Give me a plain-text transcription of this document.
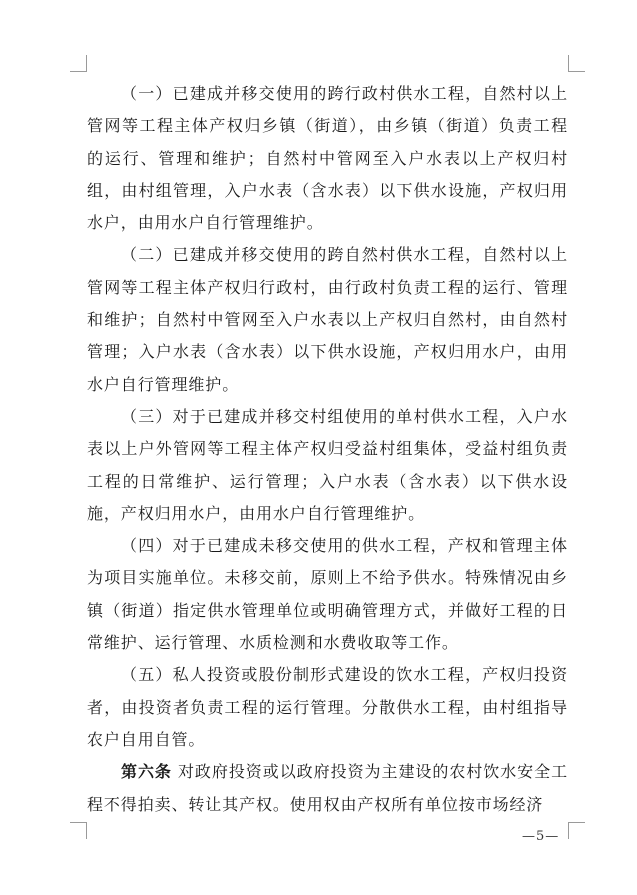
（一）已建成并移交使用的跨行政村供水工程，自然村以上管网等工程主体产权归乡镇（街道），由乡镇（街道）负责工程的运行、管理和维护；自然村中管网至入户水表以上产权归村组，由村组管理，入户水表（含水表）以下供水设施，产权归用水户，由用水户自行管理维护。

（二）已建成并移交使用的跨自然村供水工程，自然村以上管网等工程主体产权归行政村，由行政村负责工程的运行、管理和维护；自然村中管网至入户水表以上产权归自然村，由自然村管理；入户水表（含水表）以下供水设施，产权归用水户，由用水户自行管理维护。

（三）对于已建成并移交村组使用的单村供水工程，入户水表以上户外管网等工程主体产权归受益村组集体，受益村组负责工程的日常维护、运行管理；入户水表（含水表）以下供水设施，产权归用水户，由用水户自行管理维护。

（四）对于已建成未移交使用的供水工程，产权和管理主体为项目实施单位。未移交前，原则上不给予供水。特殊情况由乡镇（街道）指定供水管理单位或明确管理方式，并做好工程的日常维护、运行管理、水质检测和水费收取等工作。

（五）私人投资或股份制形式建设的饮水工程，产权归投资者，由投资者负责工程的运行管理。分散供水工程，由村组指导农户自用自管。

第六条 对政府投资或以政府投资为主建设的农村饮水安全工程不得拍卖、转让其产权。使用权由产权所有单位按市场经济

—5—
